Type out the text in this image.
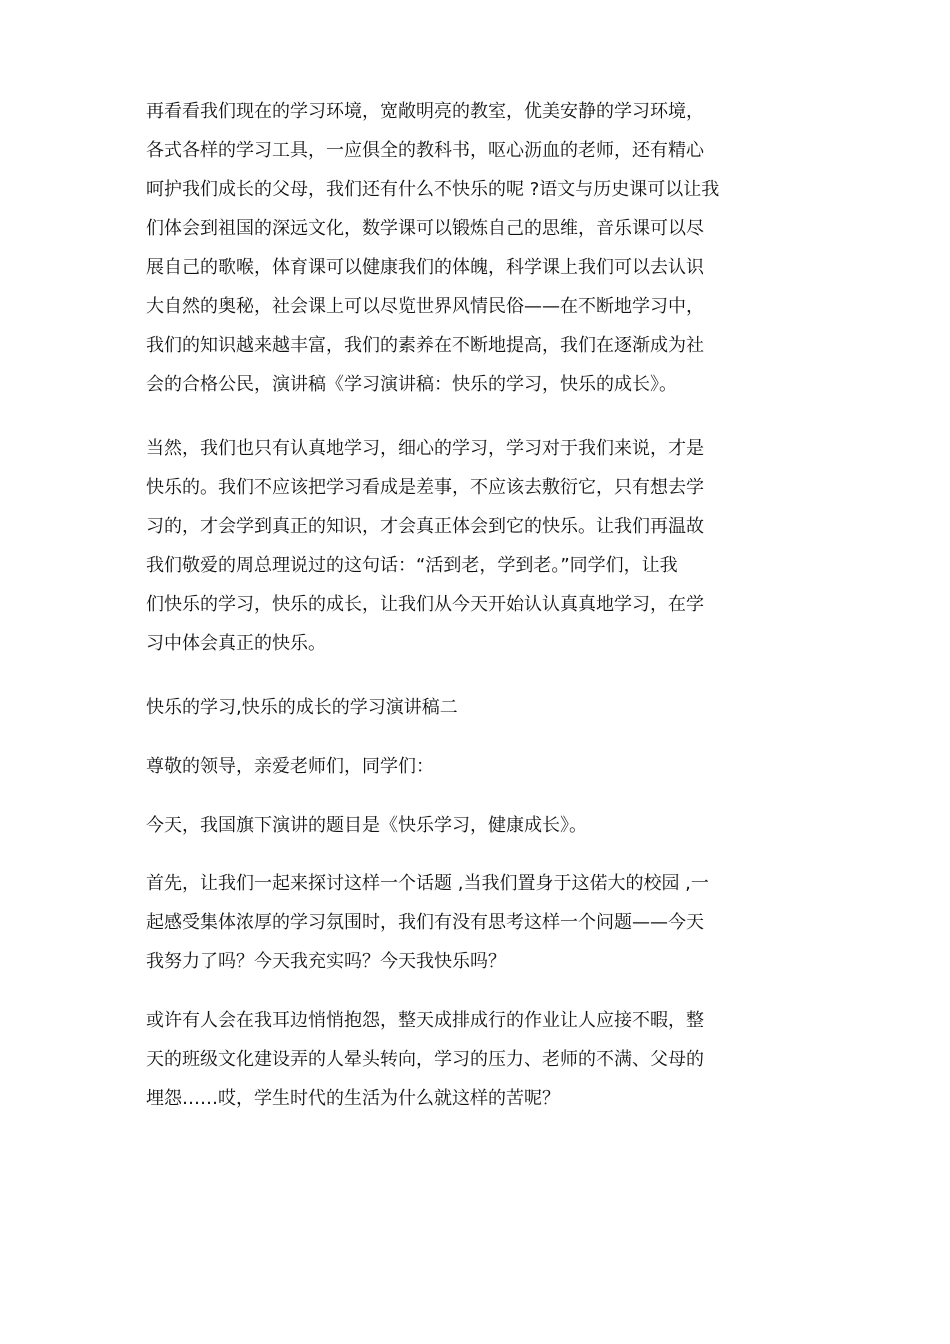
再看看我们现在的学习环境，宽敞明亮的教室，优美安静的学习环境，

各式各样的学习工具，一应俱全的教科书，呕心沥血的老师，还有精心

呵护我们成长的父母，我们还有什么不快乐的呢 ?语文与历史课可以让我

们体会到祖国的深远文化，数学课可以锻炼自己的思维，音乐课可以尽

展自己的歌喉，体育课可以健康我们的体魄，科学课上我们可以去认识

大自然的奥秘，社会课上可以尽览世界风情民俗——在不断地学习中，

我们的知识越来越丰富，我们的素养在不断地提高，我们在逐渐成为社

会的合格公民，演讲稿《学习演讲稿：快乐的学习，快乐的成长》。

当然，我们也只有认真地学习，细心的学习，学习对于我们来说，才是

快乐的。我们不应该把学习看成是差事，不应该去敷衍它，只有想去学

习的，才会学到真正的知识，才会真正体会到它的快乐。让我们再温故

我们敬爱的周总理说过的这句话：“活到老，学到老。”同学们，让我

们快乐的学习，快乐的成长，让我们从今天开始认认真真地学习，在学

习中体会真正的快乐。

快乐的学习,快乐的成长的学习演讲稿二

尊敬的领导，亲爱老师们，同学们：

今天，我国旗下演讲的题目是《快乐学习，健康成长》。

首先，让我们一起来探讨这样一个话题 ,当我们置身于这偌大的校园 ,一

起感受集体浓厚的学习氛围时，我们有没有思考这样一个问题——今天

我努力了吗？今天我充实吗？今天我快乐吗？

或许有人会在我耳边悄悄抱怨，整天成排成行的作业让人应接不暇，整

天的班级文化建设弄的人晕头转向，学习的压力、老师的不满、父母的

埋怨……哎，学生时代的生活为什么就这样的苦呢？
